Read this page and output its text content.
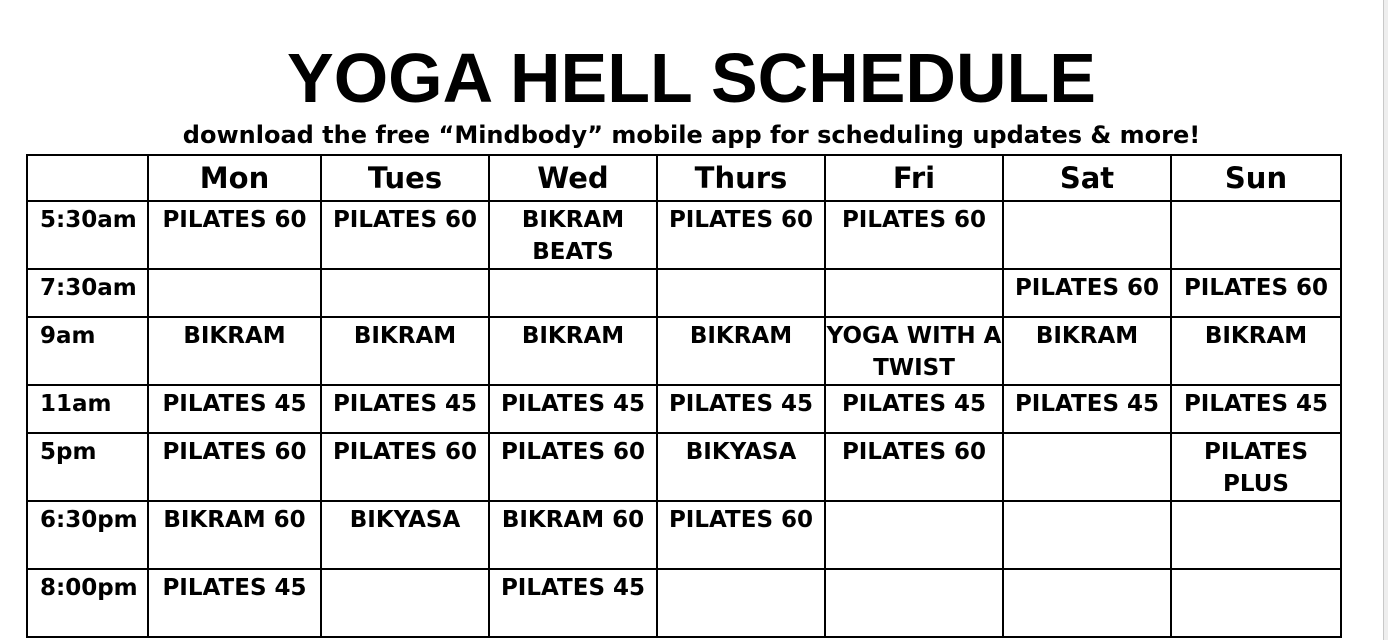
YOGA HELL SCHEDULE
download the free “Mindbody” mobile app for scheduling updates & more!
	Mon	Tues	Wed	Thurs	Fri	Sat	Sun
5:30am	PILATES 60	PILATES 60	BIKRAM BEATS	PILATES 60	PILATES 60		
7:30am						PILATES 60	PILATES 60
9am	BIKRAM	BIKRAM	BIKRAM	BIKRAM	YOGA WITH A TWIST	BIKRAM	BIKRAM
11am	PILATES 45	PILATES 45	PILATES 45	PILATES 45	PILATES 45	PILATES 45	PILATES 45
5pm	PILATES 60	PILATES 60	PILATES 60	BIKYASA	PILATES 60		PILATES PLUS
6:30pm	BIKRAM 60	BIKYASA	BIKRAM 60	PILATES 60			
8:00pm	PILATES 45		PILATES 45				
